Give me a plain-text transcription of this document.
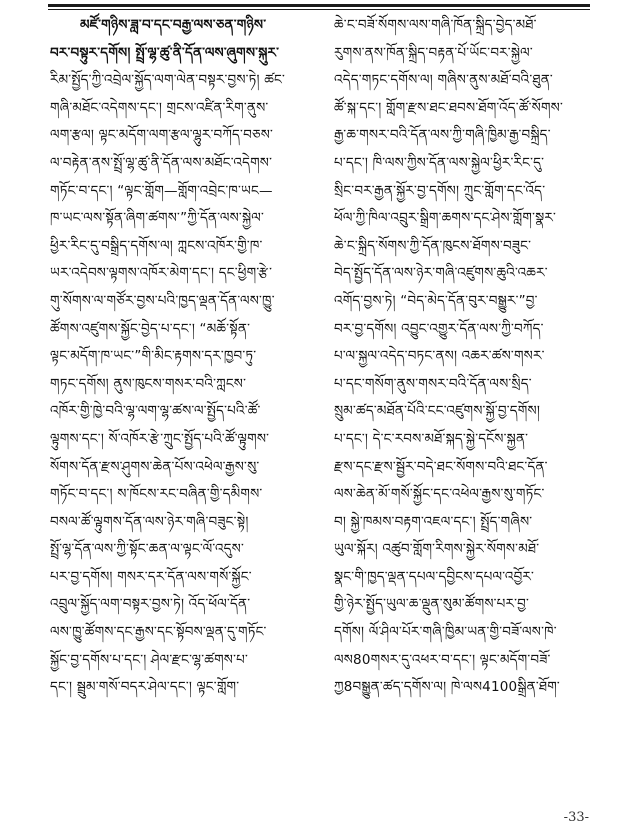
མཛོ་གཉིས་ཟླ་བ་དང་བརྒྱ་ལས་ཅན་གཉིས་
བར་བསྟུར་དགོས། སྤྲོ་ལྷ་ཚུ་ནི་དོན་ལས་ཞུགས་སྐུར་
རིམ་སྤྱོད་ཀྱི་འབྲེལ་སྐྱོད་ལག་ལེན་བསྟར་བྱས་ཏེ། ཚང་
གཞི་མཐོང་འདེགས་དང་། གྲངས་འཛིན་རིག་ནུས་
ལག་རྩལ། ལྟང་མདོག་ལག་རྩལ་ལྷུར་བཀོད་བཅས་
ལ་བརྟེན་ནས་སྤྲོ་ལྷ་ཚུ་ནི་དོན་ལས་མཐོང་འདེགས་
གཏོང་བ་དང་། “ལྟང་གློག—གློག་འབྲེང་ཁ་ཡང—
ཁ་ཡང་ལས་སྟོན་ཞིག་ཚགས་”ཀྱི་དོན་ལས་སྐྱེལ་
ཕྱིར་རིང་དུ་བསྒྲིད་དགོས་ལ། ཀླངས་འཁོར་གྱི་ཁ་
ཡར་འདེབས་ལྟགས་འཁོར་མེག་དང་། དང་ཕྱིག་རྩེ་
གུ་སོགས་ལ་གཙོར་བྱས་པའི་ཁྱད་ལྡན་དོན་ལས་ཁྱུ་
ཚོགས་འཛུགས་སྐྱོང་བྱེད་པ་དང་། “མཆོ་སྟོན་
ལྟང་མདོག་ཁ་ཡང་”གི་མིང་རྟགས་དར་ཁྱབ་ཏུ་
གཏང་དགོས། ནུས་ཁུངས་གསར་བའི་ཀླངས་
འཁོར་གྱི་ཁྱེ་བའི་ལྷ་ལག་ལྷ་ཚས་ལ་སྤྱོད་པའི་ཚོ་
ལྟུགས་དང་། སོ་འཁོར་རྩེ་ཀྲུང་སྤྱོད་པའི་ཚོ་ལྟུགས་
སོགས་དོན་རྫས་ཤུགས་ཆེན་པོས་འཕེལ་རྒྱས་སུ་
གཏོང་བ་དང་། ས་ཁོངས་རང་བཞིན་གྱི་དམིགས་
བསལ་ཚོ་ལྟུགས་དོན་ལས་ཉེར་གཞི་བཟུང་སྟེ།
སྤྲོ་ལྷ་དོན་ལས་ཀྱི་སྟོང་ཆན་ལ་ལྟང་ལོ་འདུས་
པར་བྱ་དགོས། གསར་དར་དོན་ལས་གསོ་སྐྱོང་
འབྲུལ་སྐྱོད་ལག་བསྟར་བྱས་ཏེ། འོད་ཕོལ་དོན་
ལས་ཁྱུ་ཚོགས་དང་རྒྱས་དང་སྟོབས་ལྡན་དུ་གཏོང་
སྐྱོང་བྱ་དགོས་པ་དང་། ཤེལ་རྫང་ལྷ་ཚགས་པ་
དང་། སྦྲུམ་གསོ་བདར་ཤེལ་དང་། ལྟང་གློག་
ཆེ་ང་བཟོ་སོགས་ལས་གཞི་ཁོན་སྐྲིད་བྱེད་མཐོ་
རུགས་ནས་ཁོན་སྐྲིད་བརྟན་པོ་ཡོང་བར་སྐྱེལ་
འདེད་གཏང་དགོས་ལ། གཞིས་ནུས་མཐོ་བའི་ཐུན་
ཚོ་སྐ་དང་། གློག་རྫས་ཐང་ཐབས་ཐོག་འོད་ཚོ་སོགས་
རྒྱ་ཆ་གསར་བའི་དོན་ལས་ཀྱི་གཞི་ཁྱིམ་རྒྱ་བསྐྲིད་
པ་དང་། ཁི་ལས་ཀྱིས་དོན་ལས་སྐྱེལ་ཕྱིར་རིང་དུ་
སྲིང་བར་རྒྱན་སྐྱོར་བྱ་དགོས། ཀྲུང་གློག་དང་འོད་
ཕོལ་ཀྱི་ཁིལ་འབྲུར་སྒྲིག་ཆགས་དང་ཤེས་གློག་སྣར་
ཆེ་ང་སྐྲིད་སོགས་ཀྱི་དོན་ཁུངས་ཐོགས་བཟུང་
བེད་སྤྱོད་དོན་ལས་ཉེར་གཞི་འཛུགས་ཆུའི་འཆར་
འགོད་བྱས་ཏེ། “བེད་མེད་དོན་བུར་བསྒྱུར་”བྱ་
བར་བྱ་དགོས། འབྱུང་འགྱུར་དོན་ལས་ཀྱི་བཀོད་
པ་ལ་སྐྱལ་འདེད་བཏང་ནས། འཆར་ཚས་གསར་
པ་དང་གསོག་ནུས་གསར་བའི་དོན་ལས་སྲིད་
སྲུམ་ཚད་མཐོན་པོའི་ངང་འཛུགས་སྐྱོ་བྱ་དགོས།
པ་དང་། དེ་ང་རབས་མཐོ་སྐད་སྐྱེ་དངོས་སྐྱན་
རྫས་དང་རྫས་སྦྱོར་བདེ་ཐང་སོགས་བའི་ཐང་དོན་
ལས་ཆེན་མོ་གསོ་སྐྱོང་དང་འཕེལ་རྒྱས་སུ་གཏོང་
བ། སྐྱེ་ཁམས་བརྟག་འཇལ་དང་། སྤྲོད་གཞིས་
ཡུལ་སྐོར། འཚུབ་གློག་རིགས་སྐྱེར་སོགས་མཐོ་
སྣང་གི་ཁྱད་ལྡན་དཔལ་དབྱིངས་དཔལ་འབྱོར་
གྱི་ཉེར་སྤྱོད་ཡུལ་ཆ་ལྡུན་སུམ་ཚོགས་པར་བྱ་
དགོས། ལོ་ཤིལ་པོར་གཞི་ཁྱིམ་ཡན་གྱི་བཟོ་ལས་ཁེ་
ལས80གསར་དུ་འཕར་བ་དང་། ལྟང་མདོག་བཟོ་
ཀྱ8བསྒྱུན་ཚད་དགོས་ལ། ཁེ་ལས4100སྒྲིན་ཐོག་
-33-
